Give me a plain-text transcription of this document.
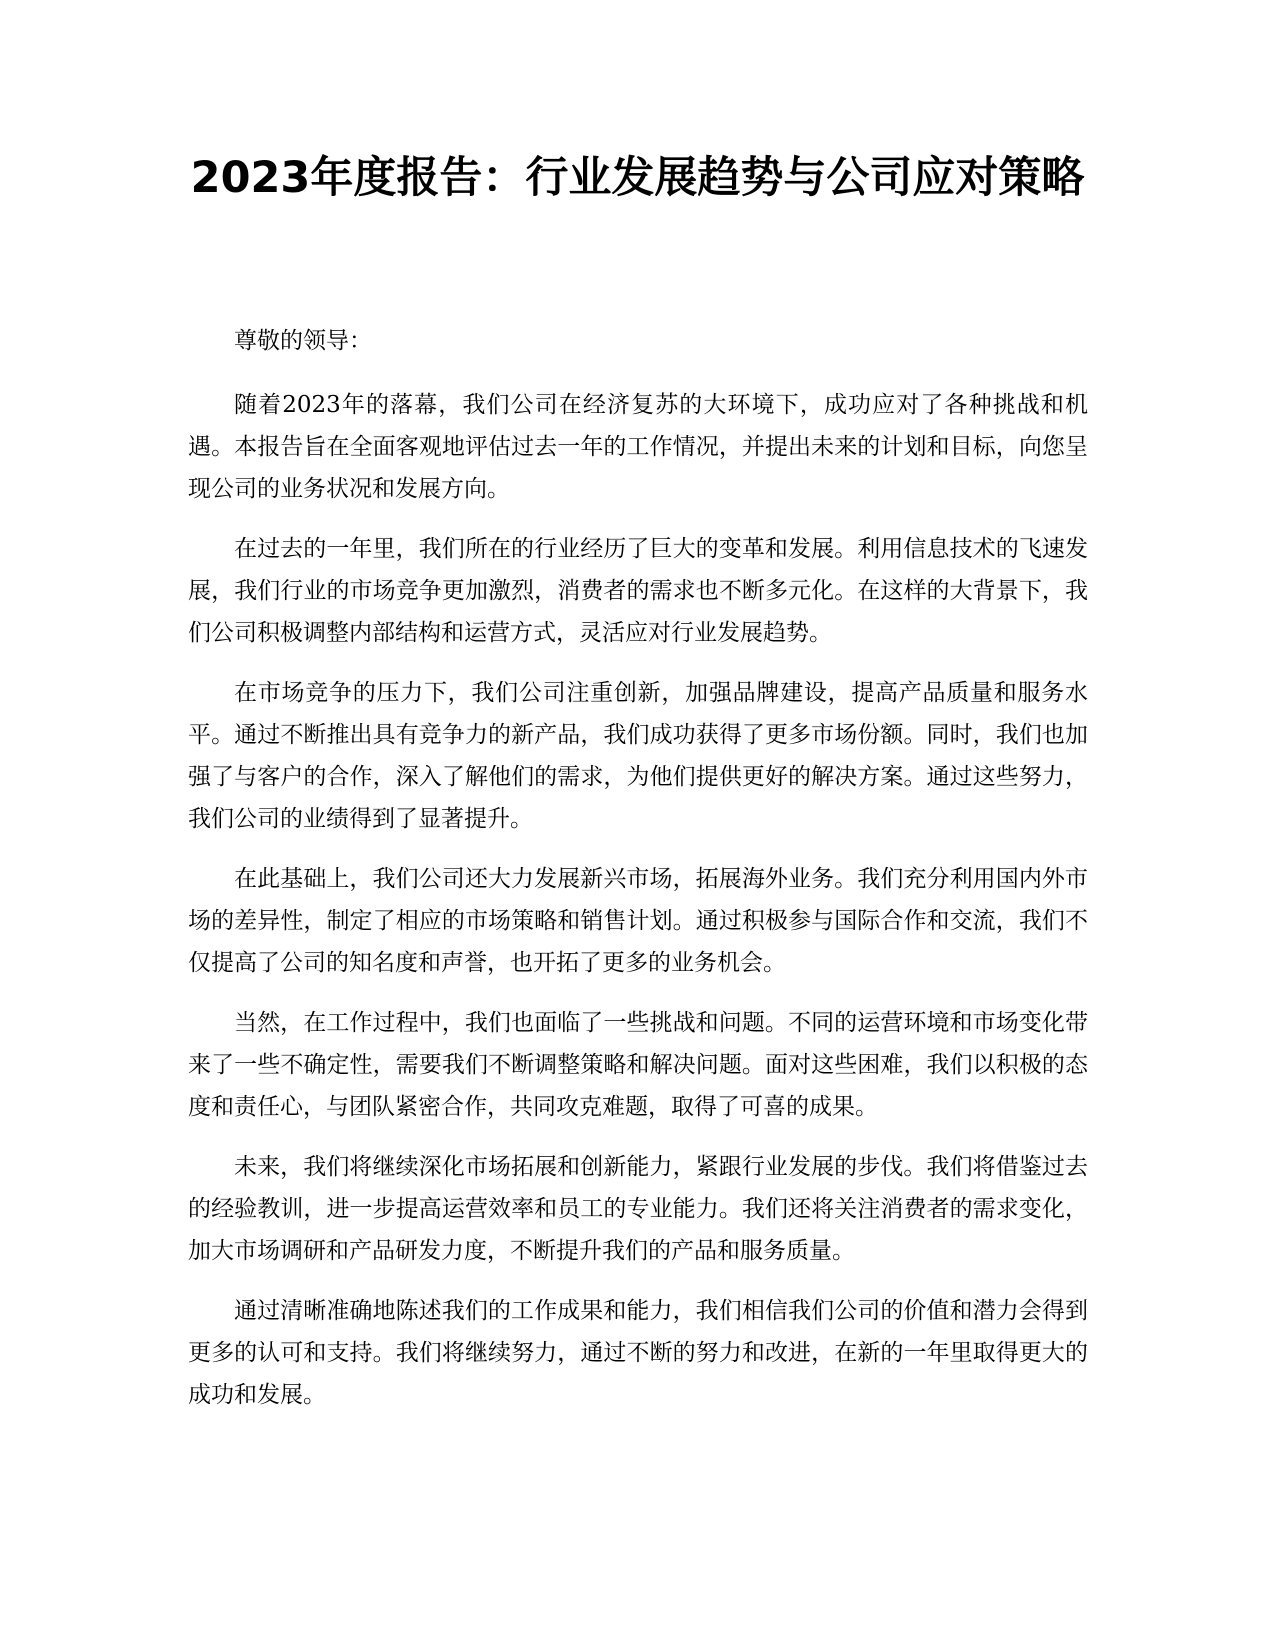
2023年度报告：行业发展趋势与公司应对策略

尊敬的领导：

随着2023年的落幕，我们公司在经济复苏的大环境下，成功应对了各种挑战和机遇。本报告旨在全面客观地评估过去一年的工作情况，并提出未来的计划和目标，向您呈现公司的业务状况和发展方向。

在过去的一年里，我们所在的行业经历了巨大的变革和发展。利用信息技术的飞速发展，我们行业的市场竞争更加激烈，消费者的需求也不断多元化。在这样的大背景下，我们公司积极调整内部结构和运营方式，灵活应对行业发展趋势。

在市场竞争的压力下，我们公司注重创新，加强品牌建设，提高产品质量和服务水平。通过不断推出具有竞争力的新产品，我们成功获得了更多市场份额。同时，我们也加强了与客户的合作，深入了解他们的需求，为他们提供更好的解决方案。通过这些努力，我们公司的业绩得到了显著提升。

在此基础上，我们公司还大力发展新兴市场，拓展海外业务。我们充分利用国内外市场的差异性，制定了相应的市场策略和销售计划。通过积极参与国际合作和交流，我们不仅提高了公司的知名度和声誉，也开拓了更多的业务机会。

当然，在工作过程中，我们也面临了一些挑战和问题。不同的运营环境和市场变化带来了一些不确定性，需要我们不断调整策略和解决问题。面对这些困难，我们以积极的态度和责任心，与团队紧密合作，共同攻克难题，取得了可喜的成果。

未来，我们将继续深化市场拓展和创新能力，紧跟行业发展的步伐。我们将借鉴过去的经验教训，进一步提高运营效率和员工的专业能力。我们还将关注消费者的需求变化，加大市场调研和产品研发力度，不断提升我们的产品和服务质量。

通过清晰准确地陈述我们的工作成果和能力，我们相信我们公司的价值和潜力会得到更多的认可和支持。我们将继续努力，通过不断的努力和改进，在新的一年里取得更大的成功和发展。
